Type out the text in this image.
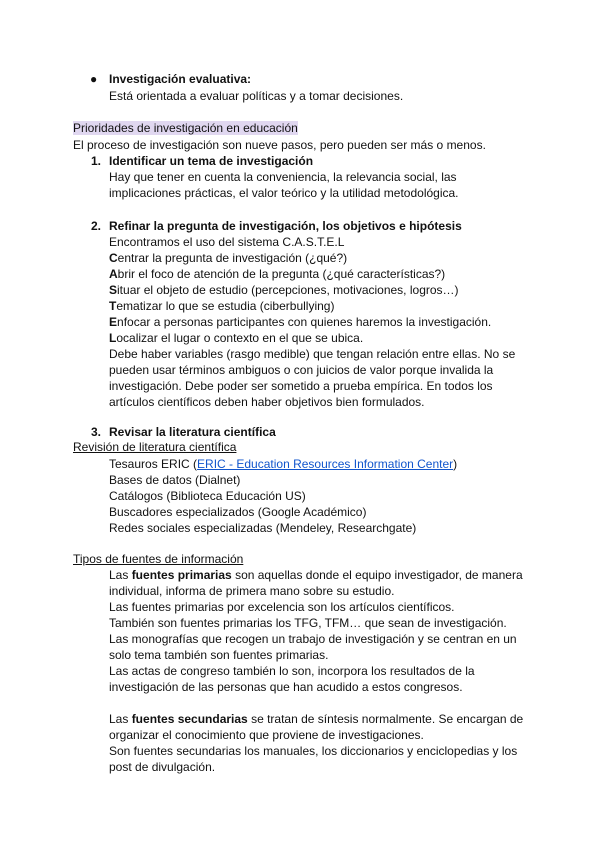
● Investigación evaluativa:
Está orientada a evaluar políticas y a tomar decisiones.
Prioridades de investigación en educación
El proceso de investigación son nueve pasos, pero pueden ser más o menos.
1. Identificar un tema de investigación
Hay que tener en cuenta la conveniencia, la relevancia social, las
implicaciones prácticas, el valor teórico y la utilidad metodológica.
2. Refinar la pregunta de investigación, los objetivos e hipótesis
Encontramos el uso del sistema C.A.S.T.E.L
Centrar la pregunta de investigación (¿qué?)
Abrir el foco de atención de la pregunta (¿qué características?)
Situar el objeto de estudio (percepciones, motivaciones, logros…)
Tematizar lo que se estudia (ciberbullying)
Enfocar a personas participantes con quienes haremos la investigación.
Localizar el lugar o contexto en el que se ubica.
Debe haber variables (rasgo medible) que tengan relación entre ellas. No se
pueden usar términos ambiguos o con juicios de valor porque invalida la
investigación. Debe poder ser sometido a prueba empírica. En todos los
artículos científicos deben haber objetivos bien formulados.
3. Revisar la literatura científica
Revisión de literatura científica
Tesauros ERIC (ERIC - Education Resources Information Center)
Bases de datos (Dialnet)
Catálogos (Biblioteca Educación US)
Buscadores especializados (Google Académico)
Redes sociales especializadas (Mendeley, Researchgate)
Tipos de fuentes de información
Las fuentes primarias son aquellas donde el equipo investigador, de manera
individual, informa de primera mano sobre su estudio.
Las fuentes primarias por excelencia son los artículos científicos.
También son fuentes primarias los TFG, TFM… que sean de investigación.
Las monografías que recogen un trabajo de investigación y se centran en un
solo tema también son fuentes primarias.
Las actas de congreso también lo son, incorpora los resultados de la
investigación de las personas que han acudido a estos congresos.
Las fuentes secundarias se tratan de síntesis normalmente. Se encargan de
organizar el conocimiento que proviene de investigaciones.
Son fuentes secundarias los manuales, los diccionarios y enciclopedias y los
post de divulgación.
